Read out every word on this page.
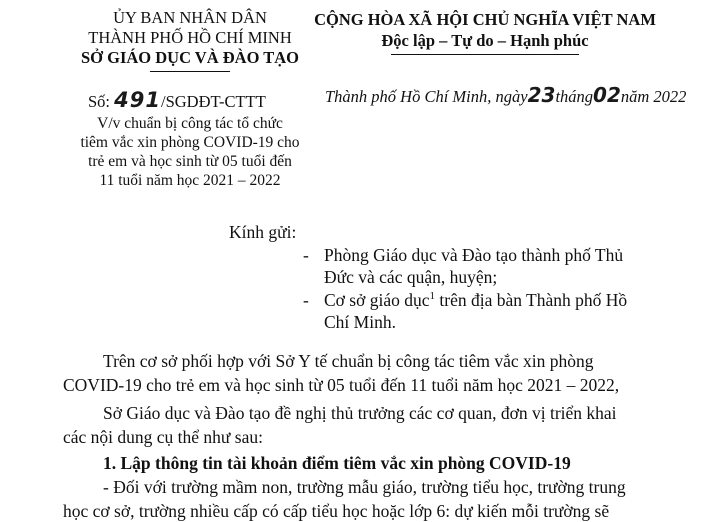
ỦY BAN NHÂN DÂN
THÀNH PHỐ HỒ CHÍ MINH
SỞ GIÁO DỤC VÀ ĐÀO TẠO
Số: 491/SGDĐT-CTTT
V/v chuẩn bị công tác tổ chức
tiêm vắc xin phòng COVID-19 cho
trẻ em và học sinh từ 05 tuổi đến
11 tuổi năm học 2021 – 2022
CỘNG HÒA XÃ HỘI CHỦ NGHĨA VIỆT NAM
Độc lập – Tự do – Hạnh phúc
Thành phố Hồ Chí Minh, ngày23tháng02năm 2022
Kính gửi:
- Phòng Giáo dục và Đào tạo thành phố Thủ
Đức và các quận, huyện;
- Cơ sở giáo dục$^1$ trên địa bàn Thành phố Hồ
Chí Minh.
Trên cơ sở phối hợp với Sở Y tế chuẩn bị công tác tiêm vắc xin phòng
COVID-19 cho trẻ em và học sinh từ 05 tuổi đến 11 tuổi năm học 2021 – 2022,
Sở Giáo dục và Đào tạo đề nghị thủ trưởng các cơ quan, đơn vị triển khai
các nội dung cụ thể như sau:
1. Lập thông tin tài khoản điểm tiêm vắc xin phòng COVID-19
- Đối với trường mầm non, trường mẫu giáo, trường tiểu học, trường trung
học cơ sở, trường nhiều cấp có cấp tiểu học hoặc lớp 6: dự kiến mỗi trường sẽ
